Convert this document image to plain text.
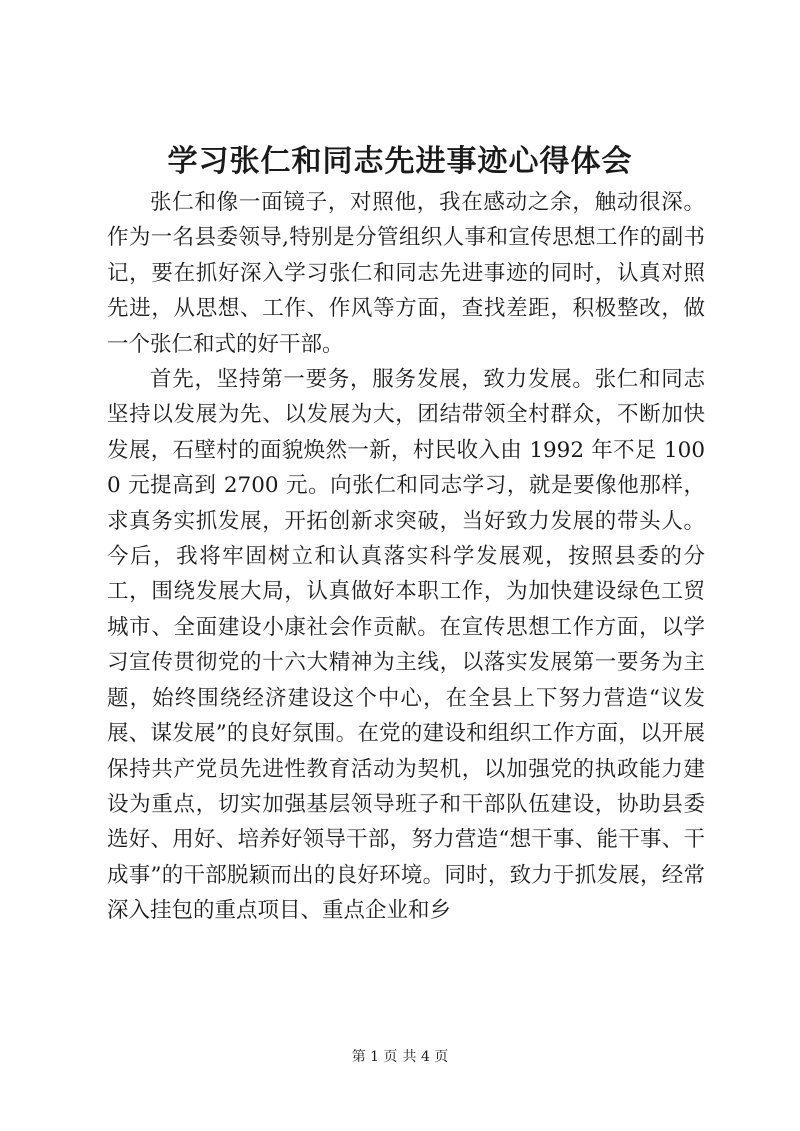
学习张仁和同志先进事迹心得体会

张仁和像一面镜子，对照他，我在感动之余，触动很深。作为一名县委领导,特别是分管组织人事和宣传思想工作的副书记，要在抓好深入学习张仁和同志先进事迹的同时，认真对照先进，从思想、工作、作风等方面，查找差距，积极整改，做一个张仁和式的好干部。

首先，坚持第一要务，服务发展，致力发展。张仁和同志坚持以发展为先、以发展为大，团结带领全村群众，不断加快发展，石壁村的面貌焕然一新，村民收入由 1992 年不足 1000 元提高到 2700 元。向张仁和同志学习，就是要像他那样，求真务实抓发展，开拓创新求突破，当好致力发展的带头人。今后，我将牢固树立和认真落实科学发展观，按照县委的分工，围绕发展大局，认真做好本职工作，为加快建设绿色工贸城市、全面建设小康社会作贡献。在宣传思想工作方面，以学习宣传贯彻党的十六大精神为主线，以落实发展第一要务为主题，始终围绕经济建设这个中心，在全县上下努力营造“议发展、谋发展”的良好氛围。在党的建设和组织工作方面，以开展保持共产党员先进性教育活动为契机，以加强党的执政能力建设为重点，切实加强基层领导班子和干部队伍建设，协助县委选好、用好、培养好领导干部，努力营造“想干事、能干事、干成事”的干部脱颖而出的良好环境。同时，致力于抓发展，经常深入挂包的重点项目、重点企业和乡

第 1 页 共 4 页
